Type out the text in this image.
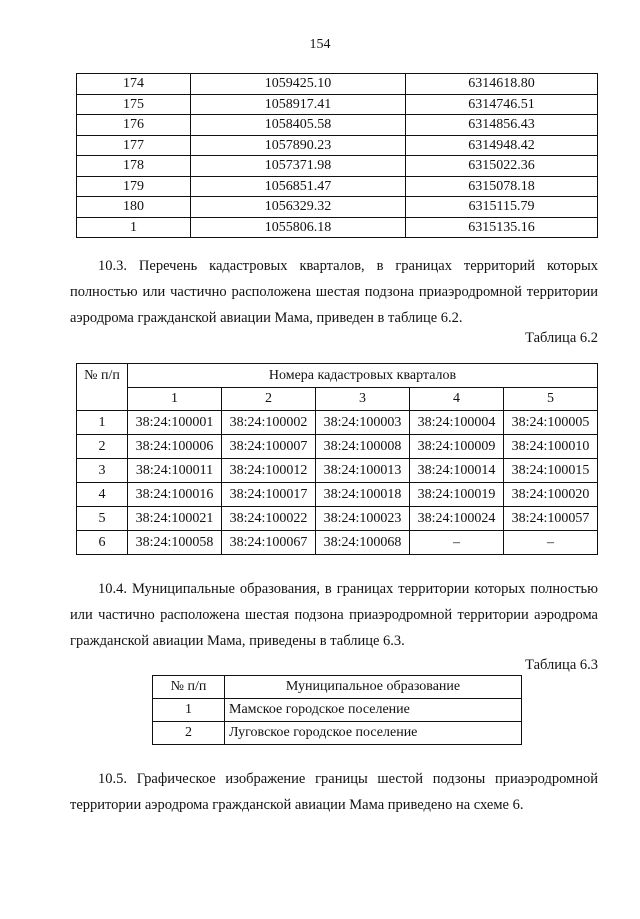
154
174	1059425.10	6314618.80
175	1058917.41	6314746.51
176	1058405.58	6314856.43
177	1057890.23	6314948.42
178	1057371.98	6315022.36
179	1056851.47	6315078.18
180	1056329.32	6315115.79
1	1055806.18	6315135.16

10.3. Перечень кадастровых кварталов, в границах территорий которых полностью или частично расположена шестая подзона приаэродромной территории аэродрома гражданской авиации Мама, приведен в таблице 6.2.

Таблица 6.2
№ п/п	Номера кадастровых кварталов				
	1	2	3	4	5
1	38:24:100001	38:24:100002	38:24:100003	38:24:100004	38:24:100005
2	38:24:100006	38:24:100007	38:24:100008	38:24:100009	38:24:100010
3	38:24:100011	38:24:100012	38:24:100013	38:24:100014	38:24:100015
4	38:24:100016	38:24:100017	38:24:100018	38:24:100019	38:24:100020
5	38:24:100021	38:24:100022	38:24:100023	38:24:100024	38:24:100057
6	38:24:100058	38:24:100067	38:24:100068	–	–

10.4. Муниципальные образования, в границах территории которых полностью или частично расположена шестая подзона приаэродромной территории аэродрома гражданской авиации Мама, приведены в таблице 6.3.

Таблица 6.3
№ п/п	Муниципальное образование
1	Мамское городское поселение
2	Луговское городское поселение

10.5. Графическое изображение границы шестой подзоны приаэродромной территории аэродрома гражданской авиации Мама приведено на схеме 6.
